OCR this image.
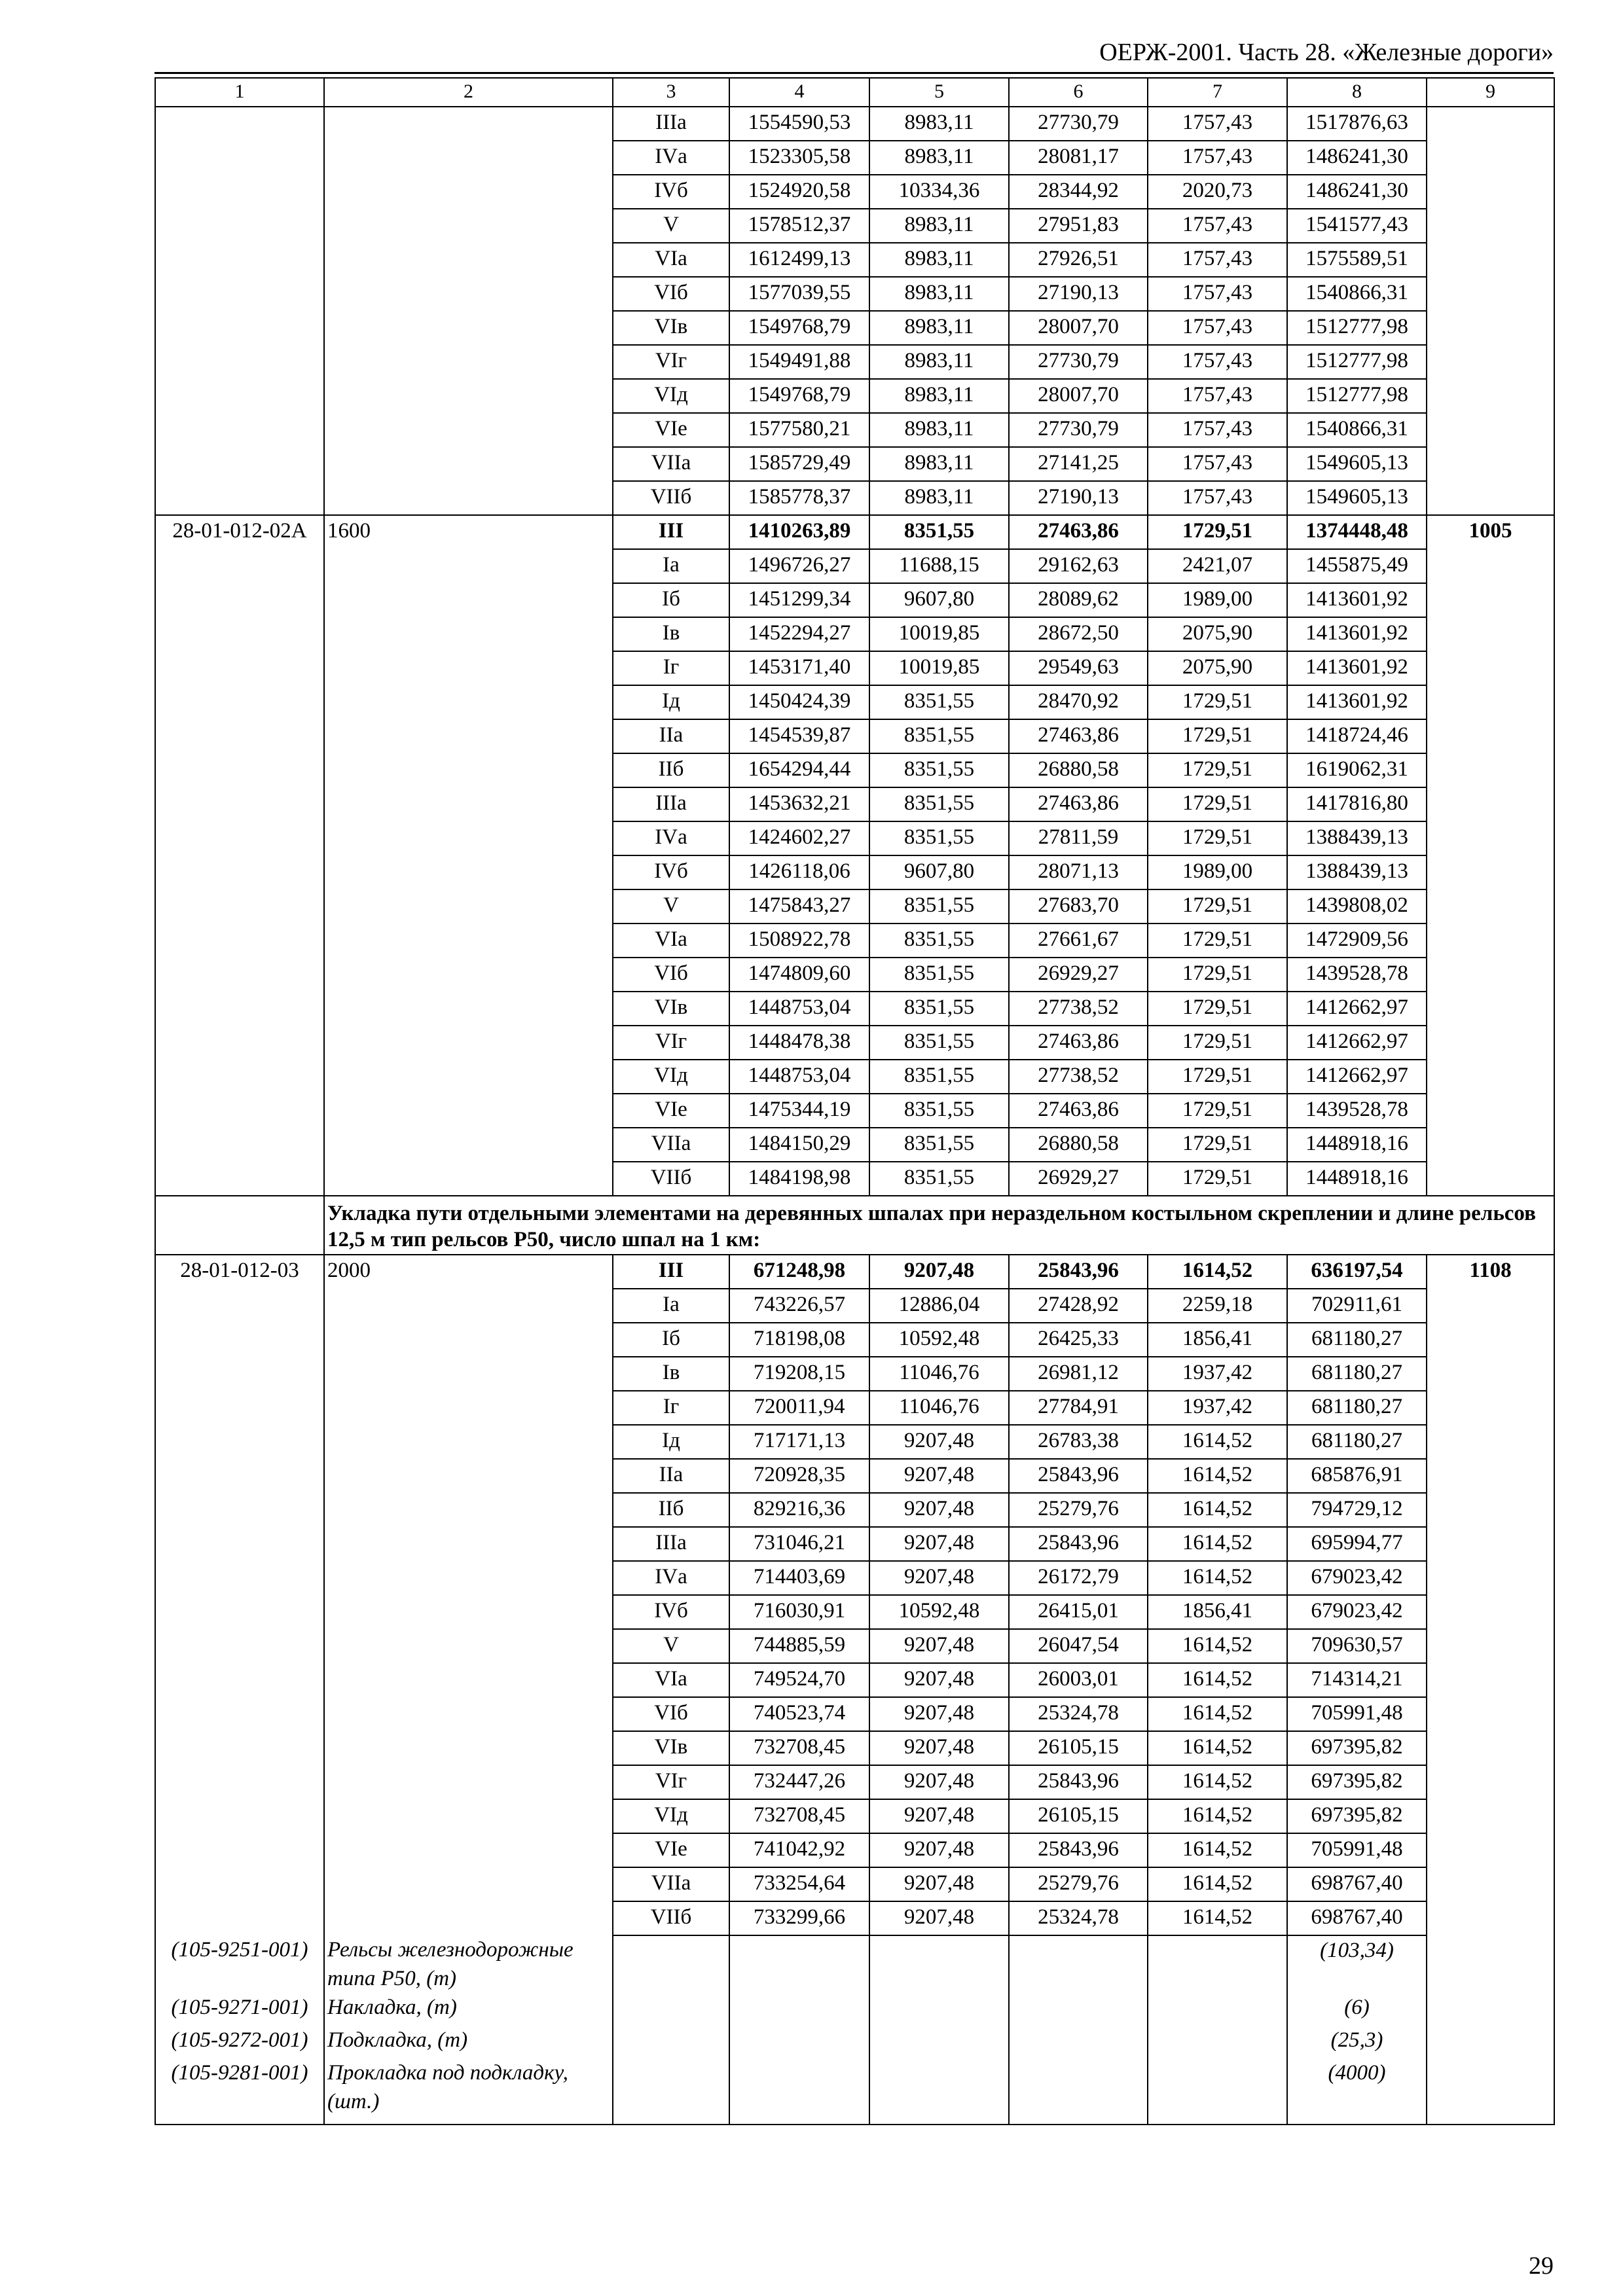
ОЕРЖ-2001. Часть 28. «Железные дороги»
1	2	3	4	5	6	7	8	9
		IIIа	1554590,53	8983,11	27730,79	1757,43	1517876,63	
		IVа	1523305,58	8983,11	28081,17	1757,43	1486241,30	
		IVб	1524920,58	10334,36	28344,92	2020,73	1486241,30	
		V	1578512,37	8983,11	27951,83	1757,43	1541577,43	
		VIа	1612499,13	8983,11	27926,51	1757,43	1575589,51	
		VIб	1577039,55	8983,11	27190,13	1757,43	1540866,31	
		VIв	1549768,79	8983,11	28007,70	1757,43	1512777,98	
		VIг	1549491,88	8983,11	27730,79	1757,43	1512777,98	
		VIд	1549768,79	8983,11	28007,70	1757,43	1512777,98	
		VIе	1577580,21	8983,11	27730,79	1757,43	1540866,31	
		VIIа	1585729,49	8983,11	27141,25	1757,43	1549605,13	
		VIIб	1585778,37	8983,11	27190,13	1757,43	1549605,13	
28-01-012-02А	1600	III	1410263,89	8351,55	27463,86	1729,51	1374448,48	1005
		Iа	1496726,27	11688,15	29162,63	2421,07	1455875,49	
		Iб	1451299,34	9607,80	28089,62	1989,00	1413601,92	
		Iв	1452294,27	10019,85	28672,50	2075,90	1413601,92	
		Iг	1453171,40	10019,85	29549,63	2075,90	1413601,92	
		Iд	1450424,39	8351,55	28470,92	1729,51	1413601,92	
		IIа	1454539,87	8351,55	27463,86	1729,51	1418724,46	
		IIб	1654294,44	8351,55	26880,58	1729,51	1619062,31	
		IIIа	1453632,21	8351,55	27463,86	1729,51	1417816,80	
		IVа	1424602,27	8351,55	27811,59	1729,51	1388439,13	
		IVб	1426118,06	9607,80	28071,13	1989,00	1388439,13	
		V	1475843,27	8351,55	27683,70	1729,51	1439808,02	
		VIа	1508922,78	8351,55	27661,67	1729,51	1472909,56	
		VIб	1474809,60	8351,55	26929,27	1729,51	1439528,78	
		VIв	1448753,04	8351,55	27738,52	1729,51	1412662,97	
		VIг	1448478,38	8351,55	27463,86	1729,51	1412662,97	
		VIд	1448753,04	8351,55	27738,52	1729,51	1412662,97	
		VIе	1475344,19	8351,55	27463,86	1729,51	1439528,78	
		VIIа	1484150,29	8351,55	26880,58	1729,51	1448918,16	
		VIIб	1484198,98	8351,55	26929,27	1729,51	1448918,16	
	Укладка пути отдельными элементами на деревянных шпалах при нераздельном костыльном скреплении и длине рельсов 12,5 м тип рельсов Р50, число шпал на 1 км:							
28-01-012-03	2000	III	671248,98	9207,48	25843,96	1614,52	636197,54	1108
		Iа	743226,57	12886,04	27428,92	2259,18	702911,61	
		Iб	718198,08	10592,48	26425,33	1856,41	681180,27	
		Iв	719208,15	11046,76	26981,12	1937,42	681180,27	
		Iг	720011,94	11046,76	27784,91	1937,42	681180,27	
		Iд	717171,13	9207,48	26783,38	1614,52	681180,27	
		IIа	720928,35	9207,48	25843,96	1614,52	685876,91	
		IIб	829216,36	9207,48	25279,76	1614,52	794729,12	
		IIIа	731046,21	9207,48	25843,96	1614,52	695994,77	
		IVа	714403,69	9207,48	26172,79	1614,52	679023,42	
		IVб	716030,91	10592,48	26415,01	1856,41	679023,42	
		V	744885,59	9207,48	26047,54	1614,52	709630,57	
		VIа	749524,70	9207,48	26003,01	1614,52	714314,21	
		VIб	740523,74	9207,48	25324,78	1614,52	705991,48	
		VIв	732708,45	9207,48	26105,15	1614,52	697395,82	
		VIг	732447,26	9207,48	25843,96	1614,52	697395,82	
		VIд	732708,45	9207,48	26105,15	1614,52	697395,82	
		VIе	741042,92	9207,48	25843,96	1614,52	705991,48	
		VIIа	733254,64	9207,48	25279,76	1614,52	698767,40	
		VIIб	733299,66	9207,48	25324,78	1614,52	698767,40	
(105-9251-001)	Рельсы железнодорожные типа Р50, (т)						(103,34)	
(105-9271-001)	Накладка, (т)						(6)	
(105-9272-001)	Подкладка, (т)						(25,3)	
(105-9281-001)	Прокладка под подкладку, (шт.)						(4000)	
29
